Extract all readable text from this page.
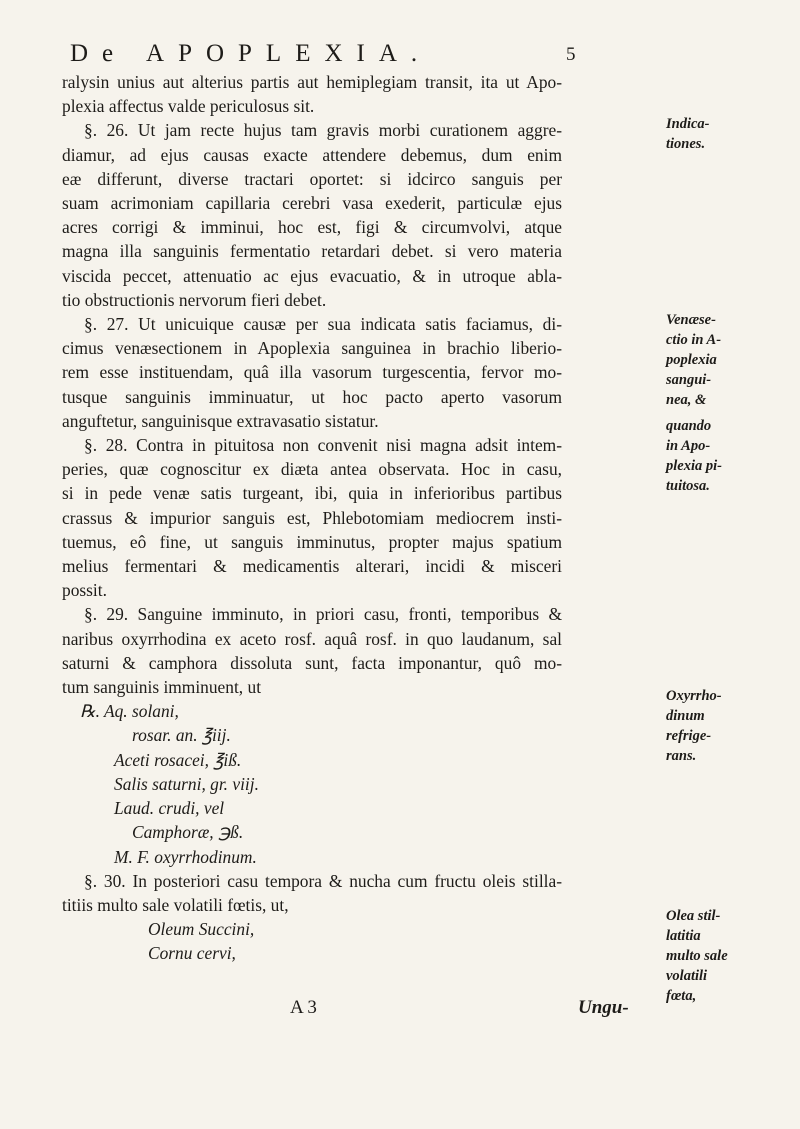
De APOPLEXIA.	5

ralysin unius aut alterius partis aut hemiplegiam transit, ita ut Apo-

plexia affectus valde periculosus sit.

§. 26. Ut jam recte hujus tam gravis morbi curationem aggre-

diamur, ad ejus causas exacte attendere debemus, dum enim

eæ differunt, diverse tractari oportet: si idcirco sanguis per

suam acrimoniam capillaria cerebri vasa exederit, particulæ ejus

acres corrigi & imminui, hoc est, figi & circumvolvi, atque

magna illa sanguinis fermentatio retardari debet. si vero materia

viscida peccet, attenuatio ac ejus evacuatio, & in utroque abla-

tio obstructionis nervorum fieri debet.

§. 27. Ut unicuique causæ per sua indicata satis faciamus, di-

cimus venæsectionem in Apoplexia sanguinea in brachio liberio-

rem esse instituendam, quâ illa vasorum turgescentia, fervor mo-

tusque sanguinis imminuatur, ut hoc pacto aperto vasorum

anguftetur, sanguinisque extravasatio sistatur.

§. 28. Contra in pituitosa non convenit nisi magna adsit intem-

peries, quæ cognoscitur ex diæta antea observata. Hoc in casu,

si in pede venæ satis turgeant, ibi, quia in inferioribus partibus

crassus & impurior sanguis est, Phlebotomiam mediocrem insti-

tuemus, eô fine, ut sanguis imminutus, propter majus spatium

melius fermentari & medicamentis alterari, incidi & misceri

possit.

§. 29. Sanguine imminuto, in priori casu, fronti, temporibus &

naribus oxyrrhodina ex aceto rosf. aquâ rosf. in quo laudanum, sal

saturni & camphora dissoluta sunt, facta imponantur, quô mo-

tum sanguinis imminuent, ut

℞. Aq. solani,

rosar. an. ℥iij.

Aceti rosacei, ℥iß.

Salis saturni, gr. viij.

Laud. crudi, vel

Camphoræ, ℈ß.

M. F. oxyrrhodinum.

§. 30. In posteriori casu tempora & nucha cum fructu oleis stilla-

titiis multo sale volatili fœtis, ut,

Oleum Succini,

Cornu cervi,

Indica-
tiones.
Venæse-
ctio in A-
poplexia
sangui-
nea, &
quando
in Apo-
plexia pi-
tuitosa.
Oxyrrho-
dinum
refrige-
rans.
Olea stil-
latitia
multo sale
volatili
fœta,
A 3	Ungu-
